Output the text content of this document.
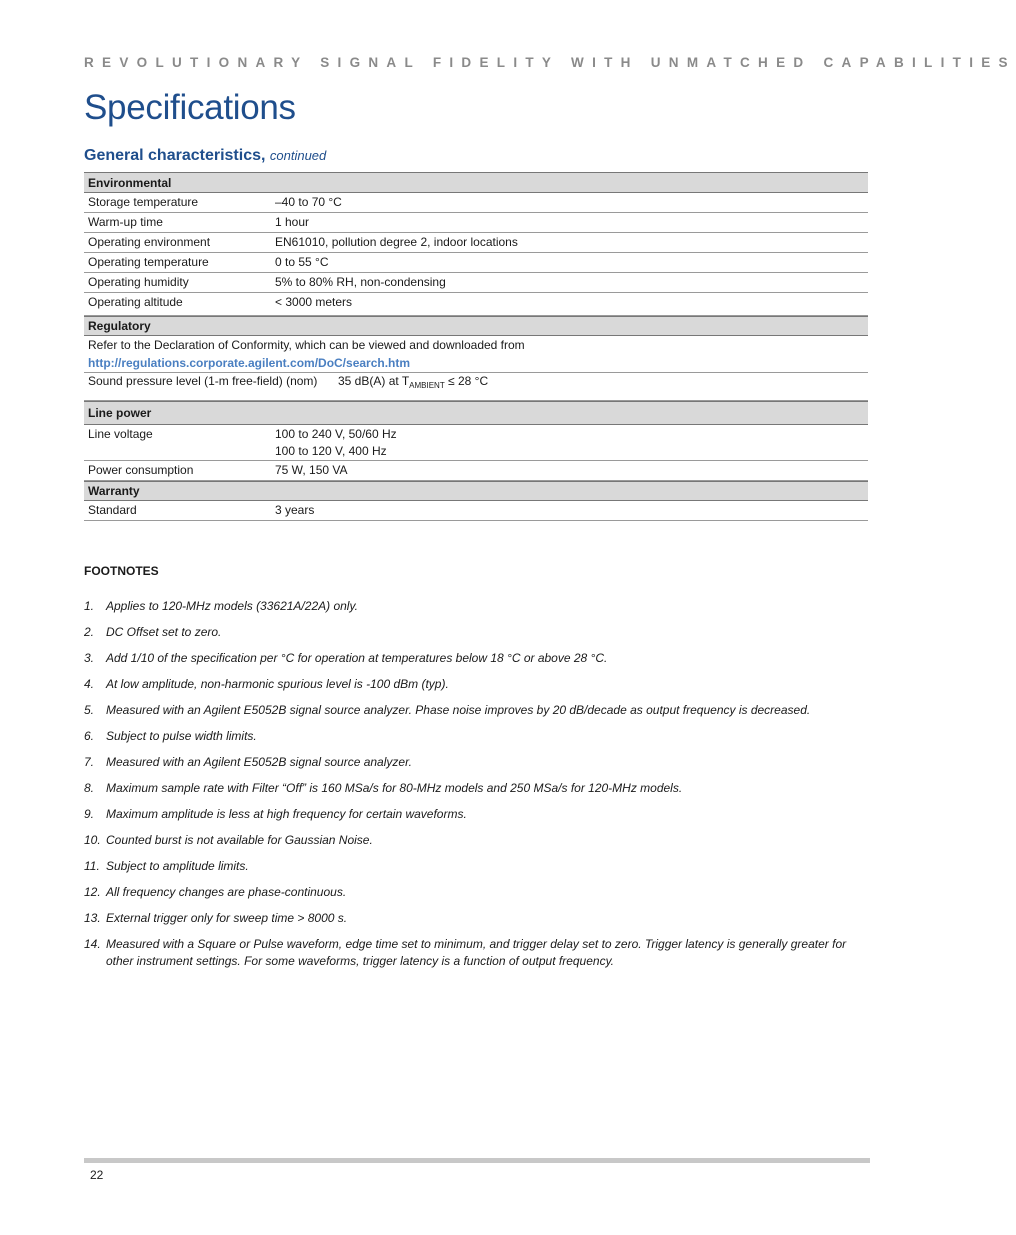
REVOLUTIONARY SIGNAL FIDELITY WITH UNMATCHED CAPABILITIES
Specifications
General characteristics, continued
Environmental
Storage temperature	–40 to 70 °C
Warm-up time	1 hour
Operating environment	EN61010, pollution degree 2, indoor locations
Operating temperature	0 to 55 °C
Operating humidity	5% to 80% RH, non-condensing
Operating altitude	< 3000 meters
Regulatory
Refer to the Declaration of Conformity, which can be viewed and downloaded from
http://regulations.corporate.agilent.com/DoC/search.htm
Sound pressure level (1-m free-field) (nom) 35 dB(A) at $T_{AMBIENT} \le 28$ °C
Line power
Line voltage	100 to 240 V, 50/60 Hz
100 to 120 V, 400 Hz
Power consumption	75 W, 150 VA
Warranty
Standard	3 years
FOOTNOTES
1. Applies to 120-MHz models (33621A/22A) only.
2. DC Offset set to zero.
3. Add 1/10 of the specification per °C for operation at temperatures below 18 °C or above 28 °C.
4. At low amplitude, non-harmonic spurious level is -100 dBm (typ).
5. Measured with an Agilent E5052B signal source analyzer. Phase noise improves by 20 dB/decade as output frequency is decreased.
6. Subject to pulse width limits.
7. Measured with an Agilent E5052B signal source analyzer.
8. Maximum sample rate with Filter “Off” is 160 MSa/s for 80-MHz models and 250 MSa/s for 120-MHz models.
9. Maximum amplitude is less at high frequency for certain waveforms.
10. Counted burst is not available for Gaussian Noise.
11. Subject to amplitude limits.
12. All frequency changes are phase-continuous.
13. External trigger only for sweep time > 8000 s.
14. Measured with a Square or Pulse waveform, edge time set to minimum, and trigger delay set to zero. Trigger latency is generally greater for other instrument settings. For some waveforms, trigger latency is a function of output frequency.
22
